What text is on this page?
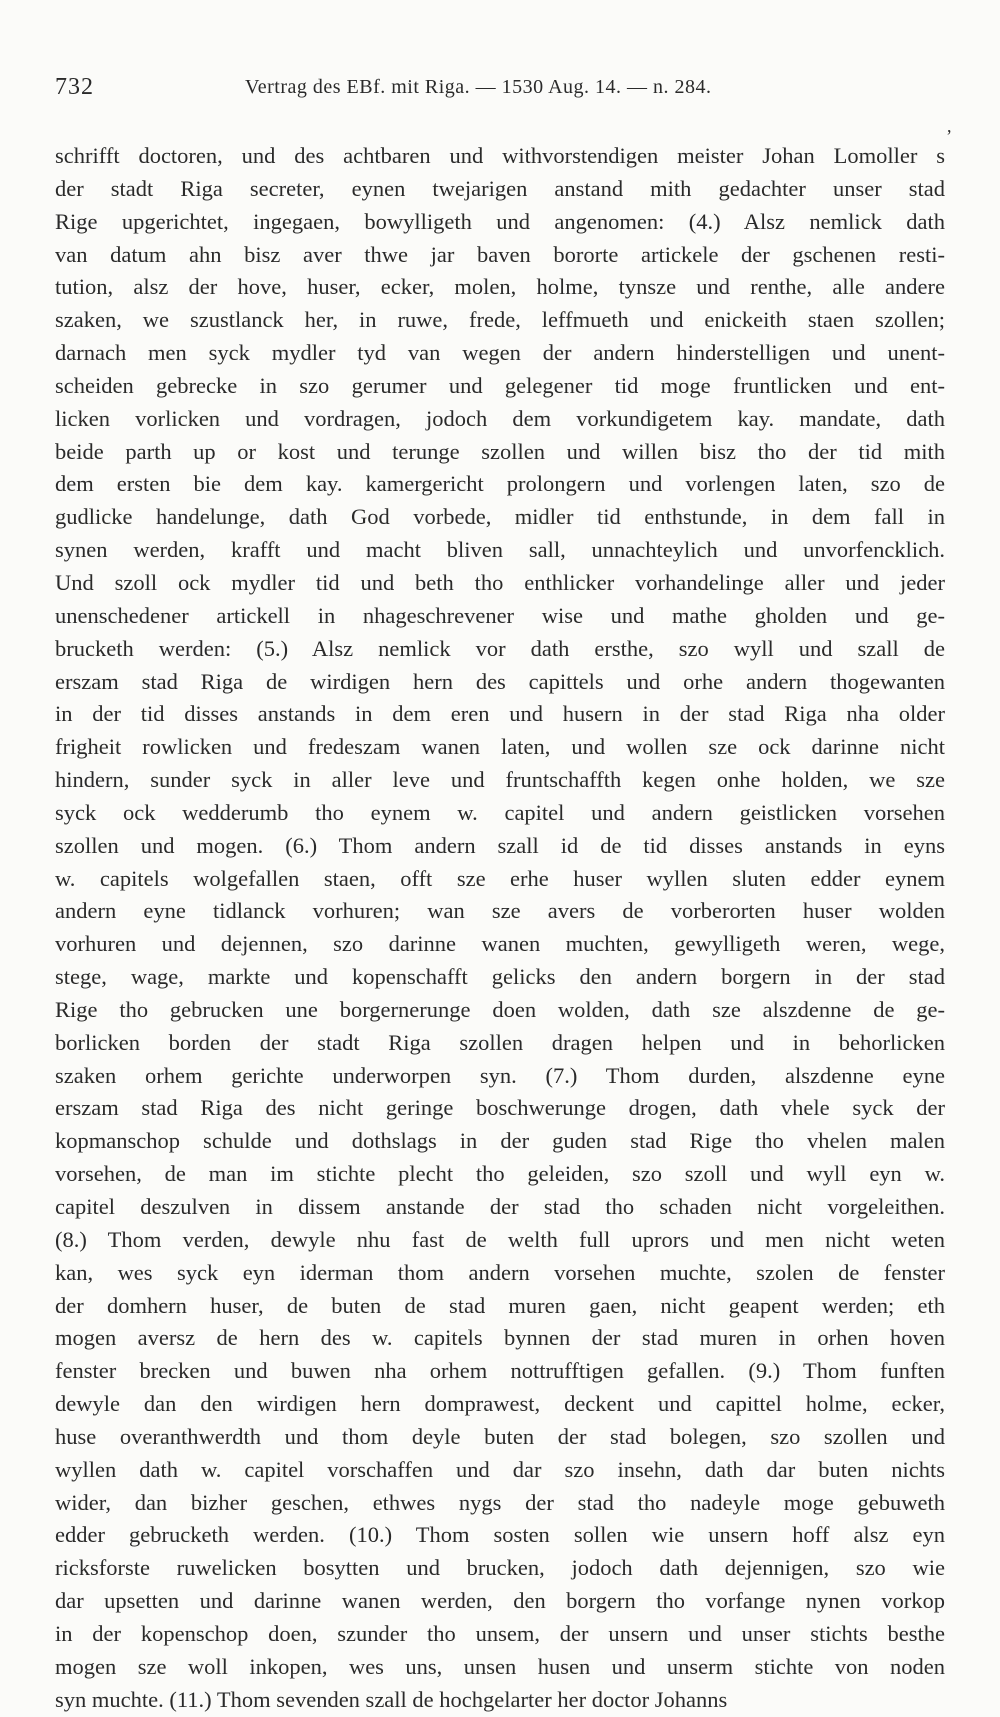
732	Vertrag des EBf. mit Riga. — 1530 Aug. 14. — n. 284.
,
schrifft doctoren, und des achtbaren und withvorstendigen meister Johan Lomoller s
der stadt Riga secreter, eynen twejarigen anstand mith gedachter unser stad
Rige upgerichtet, ingegaen, bowylligeth und angenomen: (4.) Alsz nemlick dath
van datum ahn bisz aver thwe jar baven bororte artickele der gschenen resti-
tution, alsz der hove, huser, ecker, molen, holme, tynsze und renthe, alle andere
szaken, we szustlanck her, in ruwe, frede, leffmueth und enickeith staen szollen;
darnach men syck mydler tyd van wegen der andern hinderstelligen und unent-
scheiden gebrecke in szo gerumer und gelegener tid moge fruntlicken und ent-
licken vorlicken und vordragen, jodoch dem vorkundigetem kay. mandate, dath
beide parth up or kost und terunge szollen und willen bisz tho der tid mith
dem ersten bie dem kay. kamergericht prolongern und vorlengen laten, szo de
gudlicke handelunge, dath God vorbede, midler tid enthstunde, in dem fall in
synen werden, krafft und macht bliven sall, unnachteylich und unvorfencklich.
Und szoll ock mydler tid und beth tho enthlicker vorhandelinge aller und jeder
unenschedener artickell in nhageschrevener wise und mathe gholden und ge-
brucketh werden: (5.) Alsz nemlick vor dath ersthe, szo wyll und szall de
erszam stad Riga de wirdigen hern des capittels und orhe andern thogewanten
in der tid disses anstands in dem eren und husern in der stad Riga nha older
frigheit rowlicken und fredeszam wanen laten, und wollen sze ock darinne nicht
hindern, sunder syck in aller leve und fruntschaffth kegen onhe holden, we sze
syck ock wedderumb tho eynem w. capitel und andern geistlicken vorsehen
szollen und mogen. (6.) Thom andern szall id de tid disses anstands in eyns
w. capitels wolgefallen staen, offt sze erhe huser wyllen sluten edder eynem
andern eyne tidlanck vorhuren; wan sze avers de vorberorten huser wolden
vorhuren und dejennen, szo darinne wanen muchten, gewylligeth weren, wege,
stege, wage, markte und kopenschafft gelicks den andern borgern in der stad
Rige tho gebrucken une borgernerunge doen wolden, dath sze alszdenne de ge-
borlicken borden der stadt Riga szollen dragen helpen und in behorlicken
szaken orhem gerichte underworpen syn. (7.) Thom durden, alszdenne eyne
erszam stad Riga des nicht geringe boschwerunge drogen, dath vhele syck der
kopmanschop schulde und dothslags in der guden stad Rige tho vhelen malen
vorsehen, de man im stichte plecht tho geleiden, szo szoll und wyll eyn w.
capitel deszulven in dissem anstande der stad tho schaden nicht vorgeleithen.
(8.) Thom verden, dewyle nhu fast de welth full uprors und men nicht weten
kan, wes syck eyn iderman thom andern vorsehen muchte, szolen de fenster
der domhern huser, de buten de stad muren gaen, nicht geapent werden; eth
mogen aversz de hern des w. capitels bynnen der stad muren in orhen hoven
fenster brecken und buwen nha orhem nottrufftigen gefallen. (9.) Thom funften
dewyle dan den wirdigen hern domprawest, deckent und capittel holme, ecker,
huse overanthwerdth und thom deyle buten der stad bolegen, szo szollen und
wyllen dath w. capitel vorschaffen und dar szo insehn, dath dar buten nichts
wider, dan bizher geschen, ethwes nygs der stad tho nadeyle moge gebuweth
edder gebrucketh werden. (10.) Thom sosten sollen wie unsern hoff alsz eyn
ricksforste ruwelicken bosytten und brucken, jodoch dath dejennigen, szo wie
dar upsetten und darinne wanen werden, den borgern tho vorfange nynen vorkop
in der kopenschop doen, szunder tho unsem, der unsern und unser stichts besthe
mogen sze woll inkopen, wes uns, unsen husen und unserm stichte von noden
syn muchte. (11.) Thom sevenden szall de hochgelarter her doctor Johanns
